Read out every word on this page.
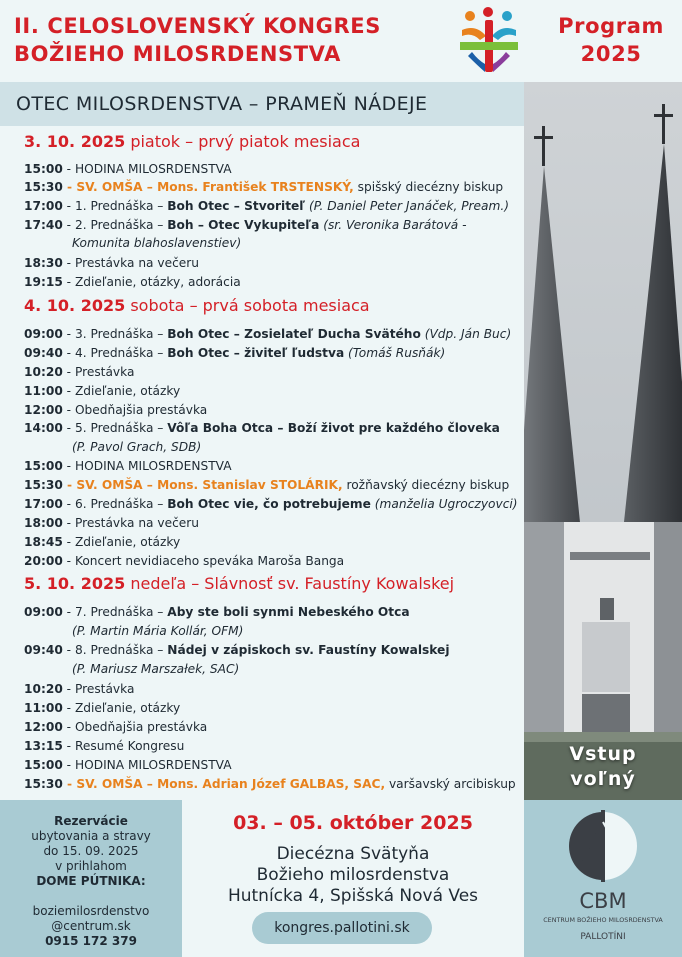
II. CELOSLOVENSKÝ KONGRES
BOŽIEHO MILOSRDENSTVA
Program
2025
OTEC MILOSRDENSTVA – PRAMEŇ NÁDEJE
3. 10. 2025 piatok – prvý piatok mesiaca
15:00 - HODINA MILOSRDENSTVA
15:30 - SV. OMŠA – Mons. František TRSTENSKÝ, spišský diecézny biskup
17:00 - 1. Prednáška – Boh Otec – Stvoriteľ (P. Daniel Peter Janáček, Pream.)
17:40 - 2. Prednáška – Boh – Otec Vykupiteľa (sr. Veronika Barátová -
Komunita blahoslavenstiev)
18:30 - Prestávka na večeru
19:15 - Zdieľanie, otázky, adorácia
4. 10. 2025 sobota – prvá sobota mesiaca
09:00 - 3. Prednáška – Boh Otec – Zosielateľ Ducha Svätého (Vdp. Ján Buc)
09:40 - 4. Prednáška – Boh Otec – živiteľ ľudstva (Tomáš Rusňák)
10:20 - Prestávka
11:00 - Zdieľanie, otázky
12:00 - Obedňajšia prestávka
14:00 - 5. Prednáška – Vôľa Boha Otca – Boží život pre každého človeka
(P. Pavol Grach, SDB)
15:00 - HODINA MILOSRDENSTVA
15:30 - SV. OMŠA – Mons. Stanislav STOLÁRIK, rožňavský diecézny biskup
17:00 - 6. Prednáška – Boh Otec vie, čo potrebujeme (manželia Ugroczyovci)
18:00 - Prestávka na večeru
18:45 - Zdieľanie, otázky
20:00 - Koncert nevidiaceho speváka Maroša Banga
5. 10. 2025 nedeľa – Slávnosť sv. Faustíny Kowalskej
09:00 - 7. Prednáška – Aby ste boli synmi Nebeského Otca
(P. Martin Mária Kollár, OFM)
09:40 - 8. Prednáška – Nádej v zápiskoch sv. Faustíny Kowalskej
(P. Mariusz Marszałek, SAC)
10:20 - Prestávka
11:00 - Zdieľanie, otázky
12:00 - Obedňajšia prestávka
13:15 - Resumé Kongresu
15:00 - HODINA MILOSRDENSTVA
15:30 - SV. OMŠA – Mons. Adrian Józef GALBAS, SAC, varšavský arcibiskup
Vstup
voľný
Rezervácie
ubytovania a stravy
do 15. 09. 2025
v prihlahom
DOME PÚTNIKA:
boziemilosrdenstvo
@centrum.sk
0915 172 379
03. – 05. október 2025
Diecézna Svätyňa
Božieho milosrdenstva
Hutnícka 4, Spišská Nová Ves
kongres.pallotini.sk
CBM
CENTRUM BOŽIEHO MILOSRDENSTVA
PALLOTÍNI
